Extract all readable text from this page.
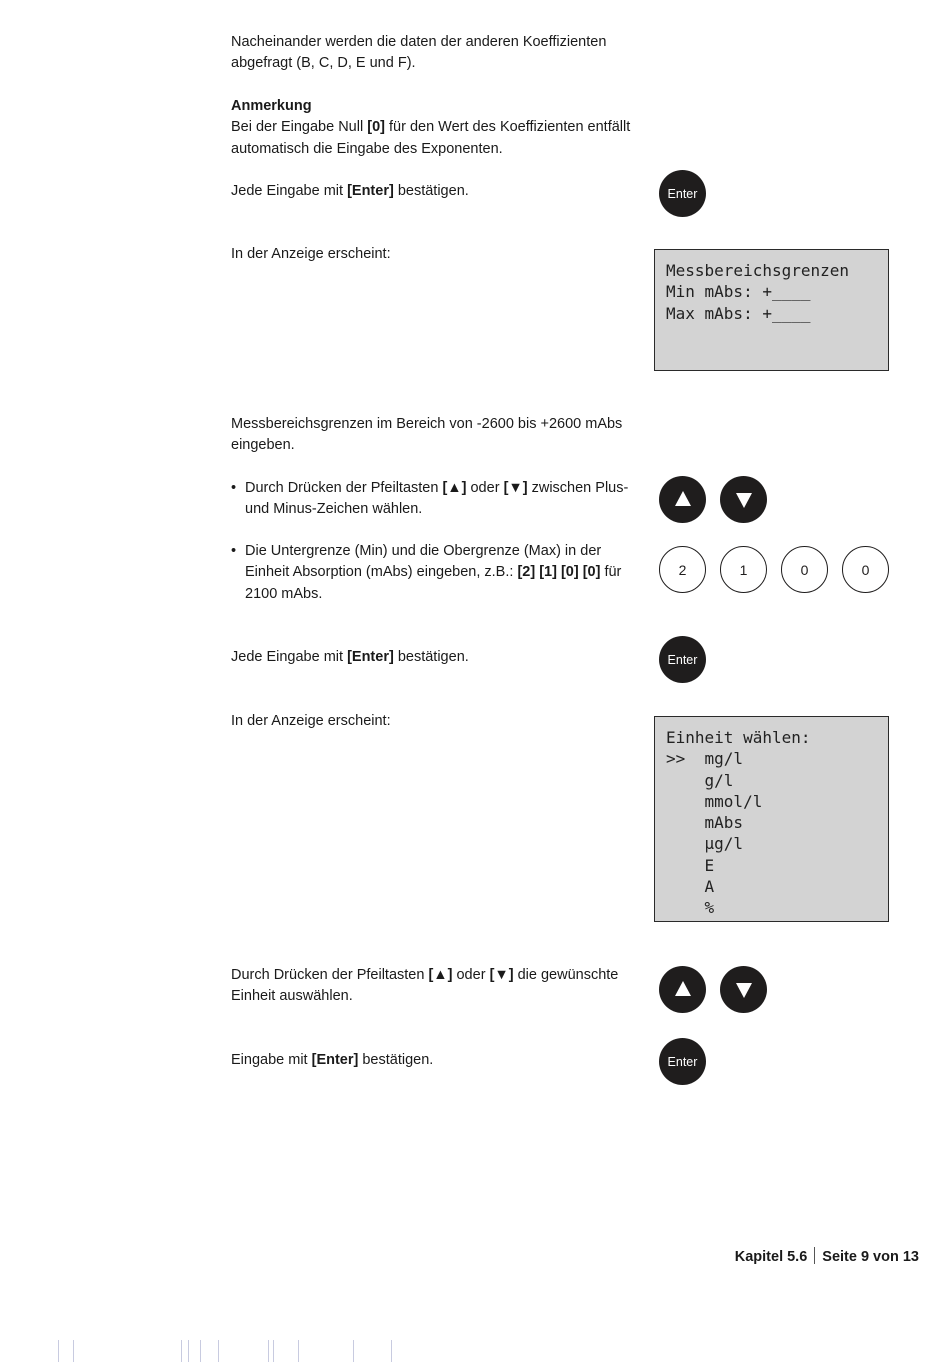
Nacheinander werden die daten der anderen Koeffizienten abgefragt (B, C, D, E und F).
Anmerkung
Bei der Eingabe Null [0] für den Wert des Koeffizienten entfällt automatisch die Eingabe des Exponenten.
Jede Eingabe mit [Enter] bestätigen.	Enter
In der Anzeige erscheint:
Messbereichsgrenzen
Min mAbs: +____
Max mAbs: +____
Messbereichsgrenzen im Bereich von -2600 bis +2600 mAbs eingeben.
• Durch Drücken der Pfeiltasten [▲] oder [▼] zwischen Plus- und Minus-Zeichen wählen.
• Die Untergrenze (Min) und die Obergrenze (Max) in der Einheit Absorption (mAbs) eingeben, z.B.: [2] [1] [0] [0] für 2100 mAbs.
2	1	0	0
Jede Eingabe mit [Enter] bestätigen.	Enter
In der Anzeige erscheint:
Einheit wählen:
>>  mg/l
g/l
mmol/l
mAbs
µg/l
E
A
%
Durch Drücken der Pfeiltasten [▲] oder [▼] die gewünschte Einheit auswählen.
Eingabe mit [Enter] bestätigen.	Enter
Kapitel 5.6 Seite 9 von 13
